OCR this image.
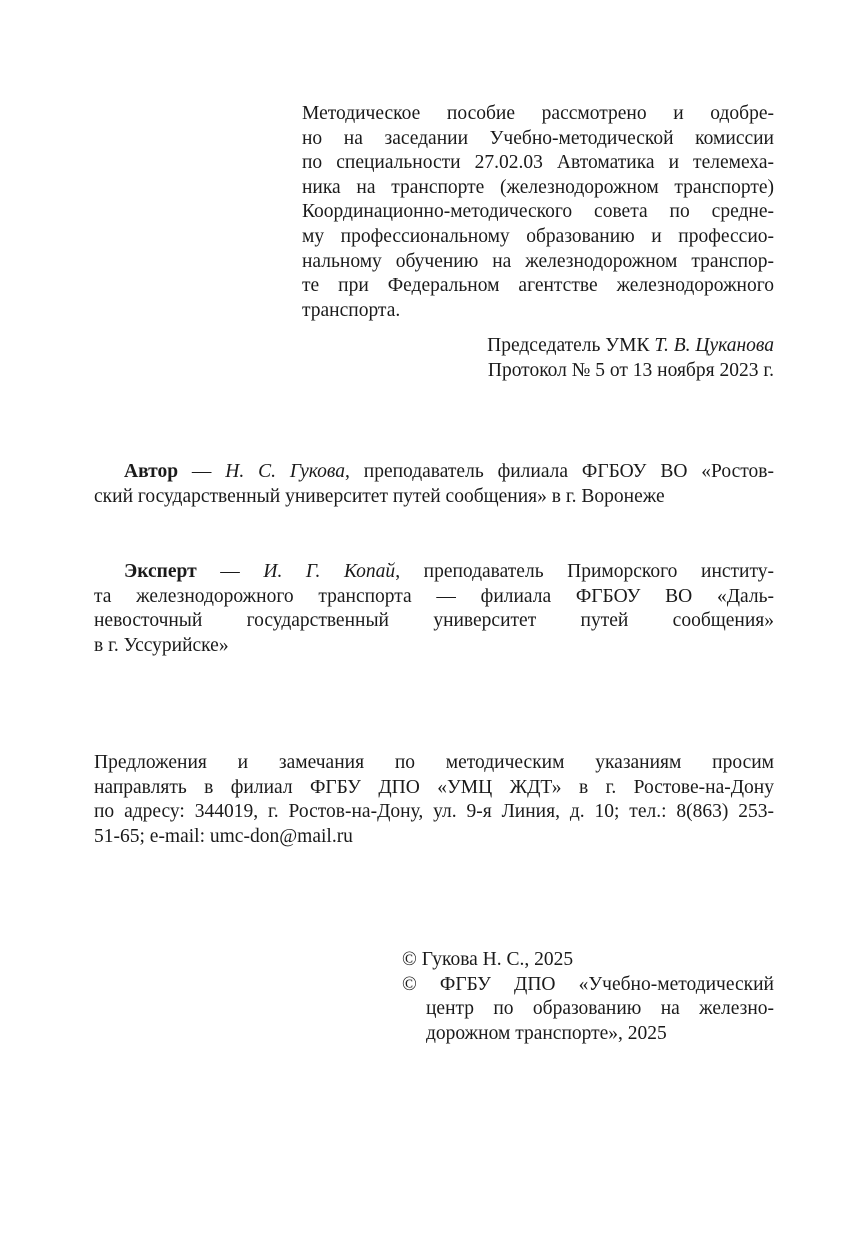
Методическое пособие рассмотрено и одобре-
но на заседании Учебно-методической комиссии
по специальности 27.02.03 Автоматика и телемеха-
ника на транспорте (железнодорожном транспорте)
Координационно-методического совета по средне-
му профессиональному образованию и профессио-
нальному обучению на железнодорожном транспор-
те при Федеральном агентстве железнодорожного
транспорта.
Председатель УМК Т. В. Цуканова
Протокол № 5 от 13 ноября 2023 г.
Автор — Н. С. Гукова, преподаватель филиала ФГБОУ ВО «Ростов-
ский государственный университет путей сообщения» в г. Воронеже
Эксперт — И. Г. Копай, преподаватель Приморского институ-
та железнодорожного транспорта — филиала ФГБОУ ВО «Даль-
невосточный государственный университет путей сообщения»
в г. Уссурийске»
Предложения и замечания по методическим указаниям просим
направлять в филиал ФГБУ ДПО «УМЦ ЖДТ» в г. Ростове-на-Дону
по адресу: 344019, г. Ростов-на-Дону, ул. 9-я Линия, д. 10; тел.: 8(863) 253-
51-65; e-mail: umc-don@mail.ru
© Гукова Н. С., 2025
© ФГБУ ДПО «Учебно-методический
центр по образованию на железно-
дорожном транспорте», 2025
